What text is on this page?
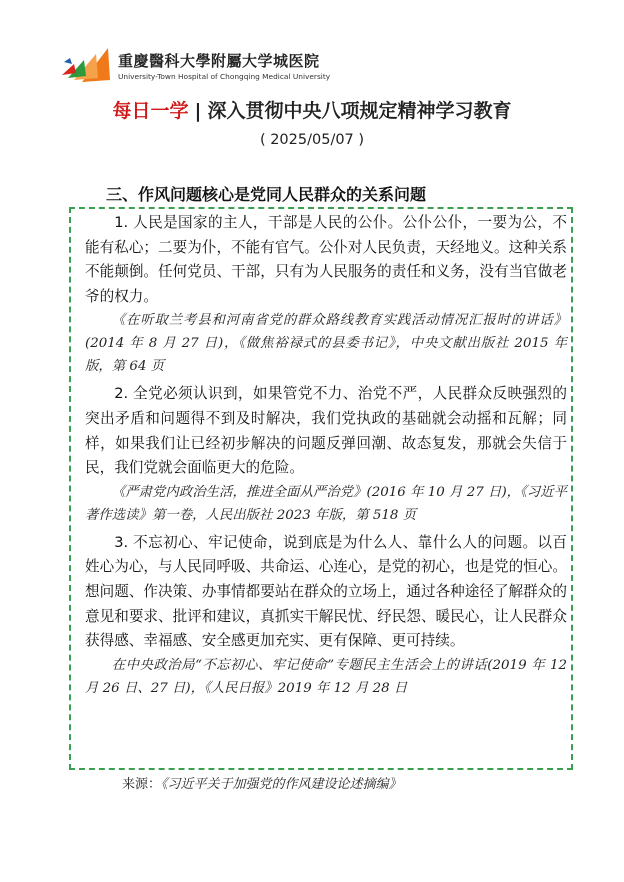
重慶醫科大學附屬大学城医院
University-Town Hospital of Chongqing Medical University
每日一学 | 深入贯彻中央八项规定精神学习教育
( 2025/05/07 )
三、作风问题核心是党同人民群众的关系问题

1. 人民是国家的主人，干部是人民的公仆。公仆公仆，一要为公，不能有私心；二要为仆，不能有官气。公仆对人民负责，天经地义。这种关系不能颠倒。任何党员、干部，只有为人民服务的责任和义务，没有当官做老爷的权力。

《在听取兰考县和河南省党的群众路线教育实践活动情况汇报时的讲话》(2014 年 8 月 27 日)，《做焦裕禄式的县委书记》，中央文献出版社 2015 年版，第 64 页

2. 全党必须认识到，如果管党不力、治党不严，人民群众反映强烈的突出矛盾和问题得不到及时解决，我们党执政的基础就会动摇和瓦解；同样，如果我们让已经初步解决的问题反弹回潮、故态复发，那就会失信于民，我们党就会面临更大的危险。

《严肃党内政治生活，推进全面从严治党》(2016 年 10 月 27 日)，《习近平著作选读》第一卷，人民出版社 2023 年版，第 518 页

3. 不忘初心、牢记使命，说到底是为什么人、靠什么人的问题。以百姓心为心，与人民同呼吸、共命运、心连心，是党的初心，也是党的恒心。想问题、作决策、办事情都要站在群众的立场上，通过各种途径了解群众的意见和要求、批评和建议，真抓实干解民忧、纾民怨、暖民心，让人民群众获得感、幸福感、安全感更加充实、更有保障、更可持续。

在中央政治局“不忘初心、牢记使命”专题民主生活会上的讲话(2019 年 12 月 26 日、27 日)，《人民日报》2019 年 12 月 28 日

来源：《习近平关于加强党的作风建设论述摘编》
